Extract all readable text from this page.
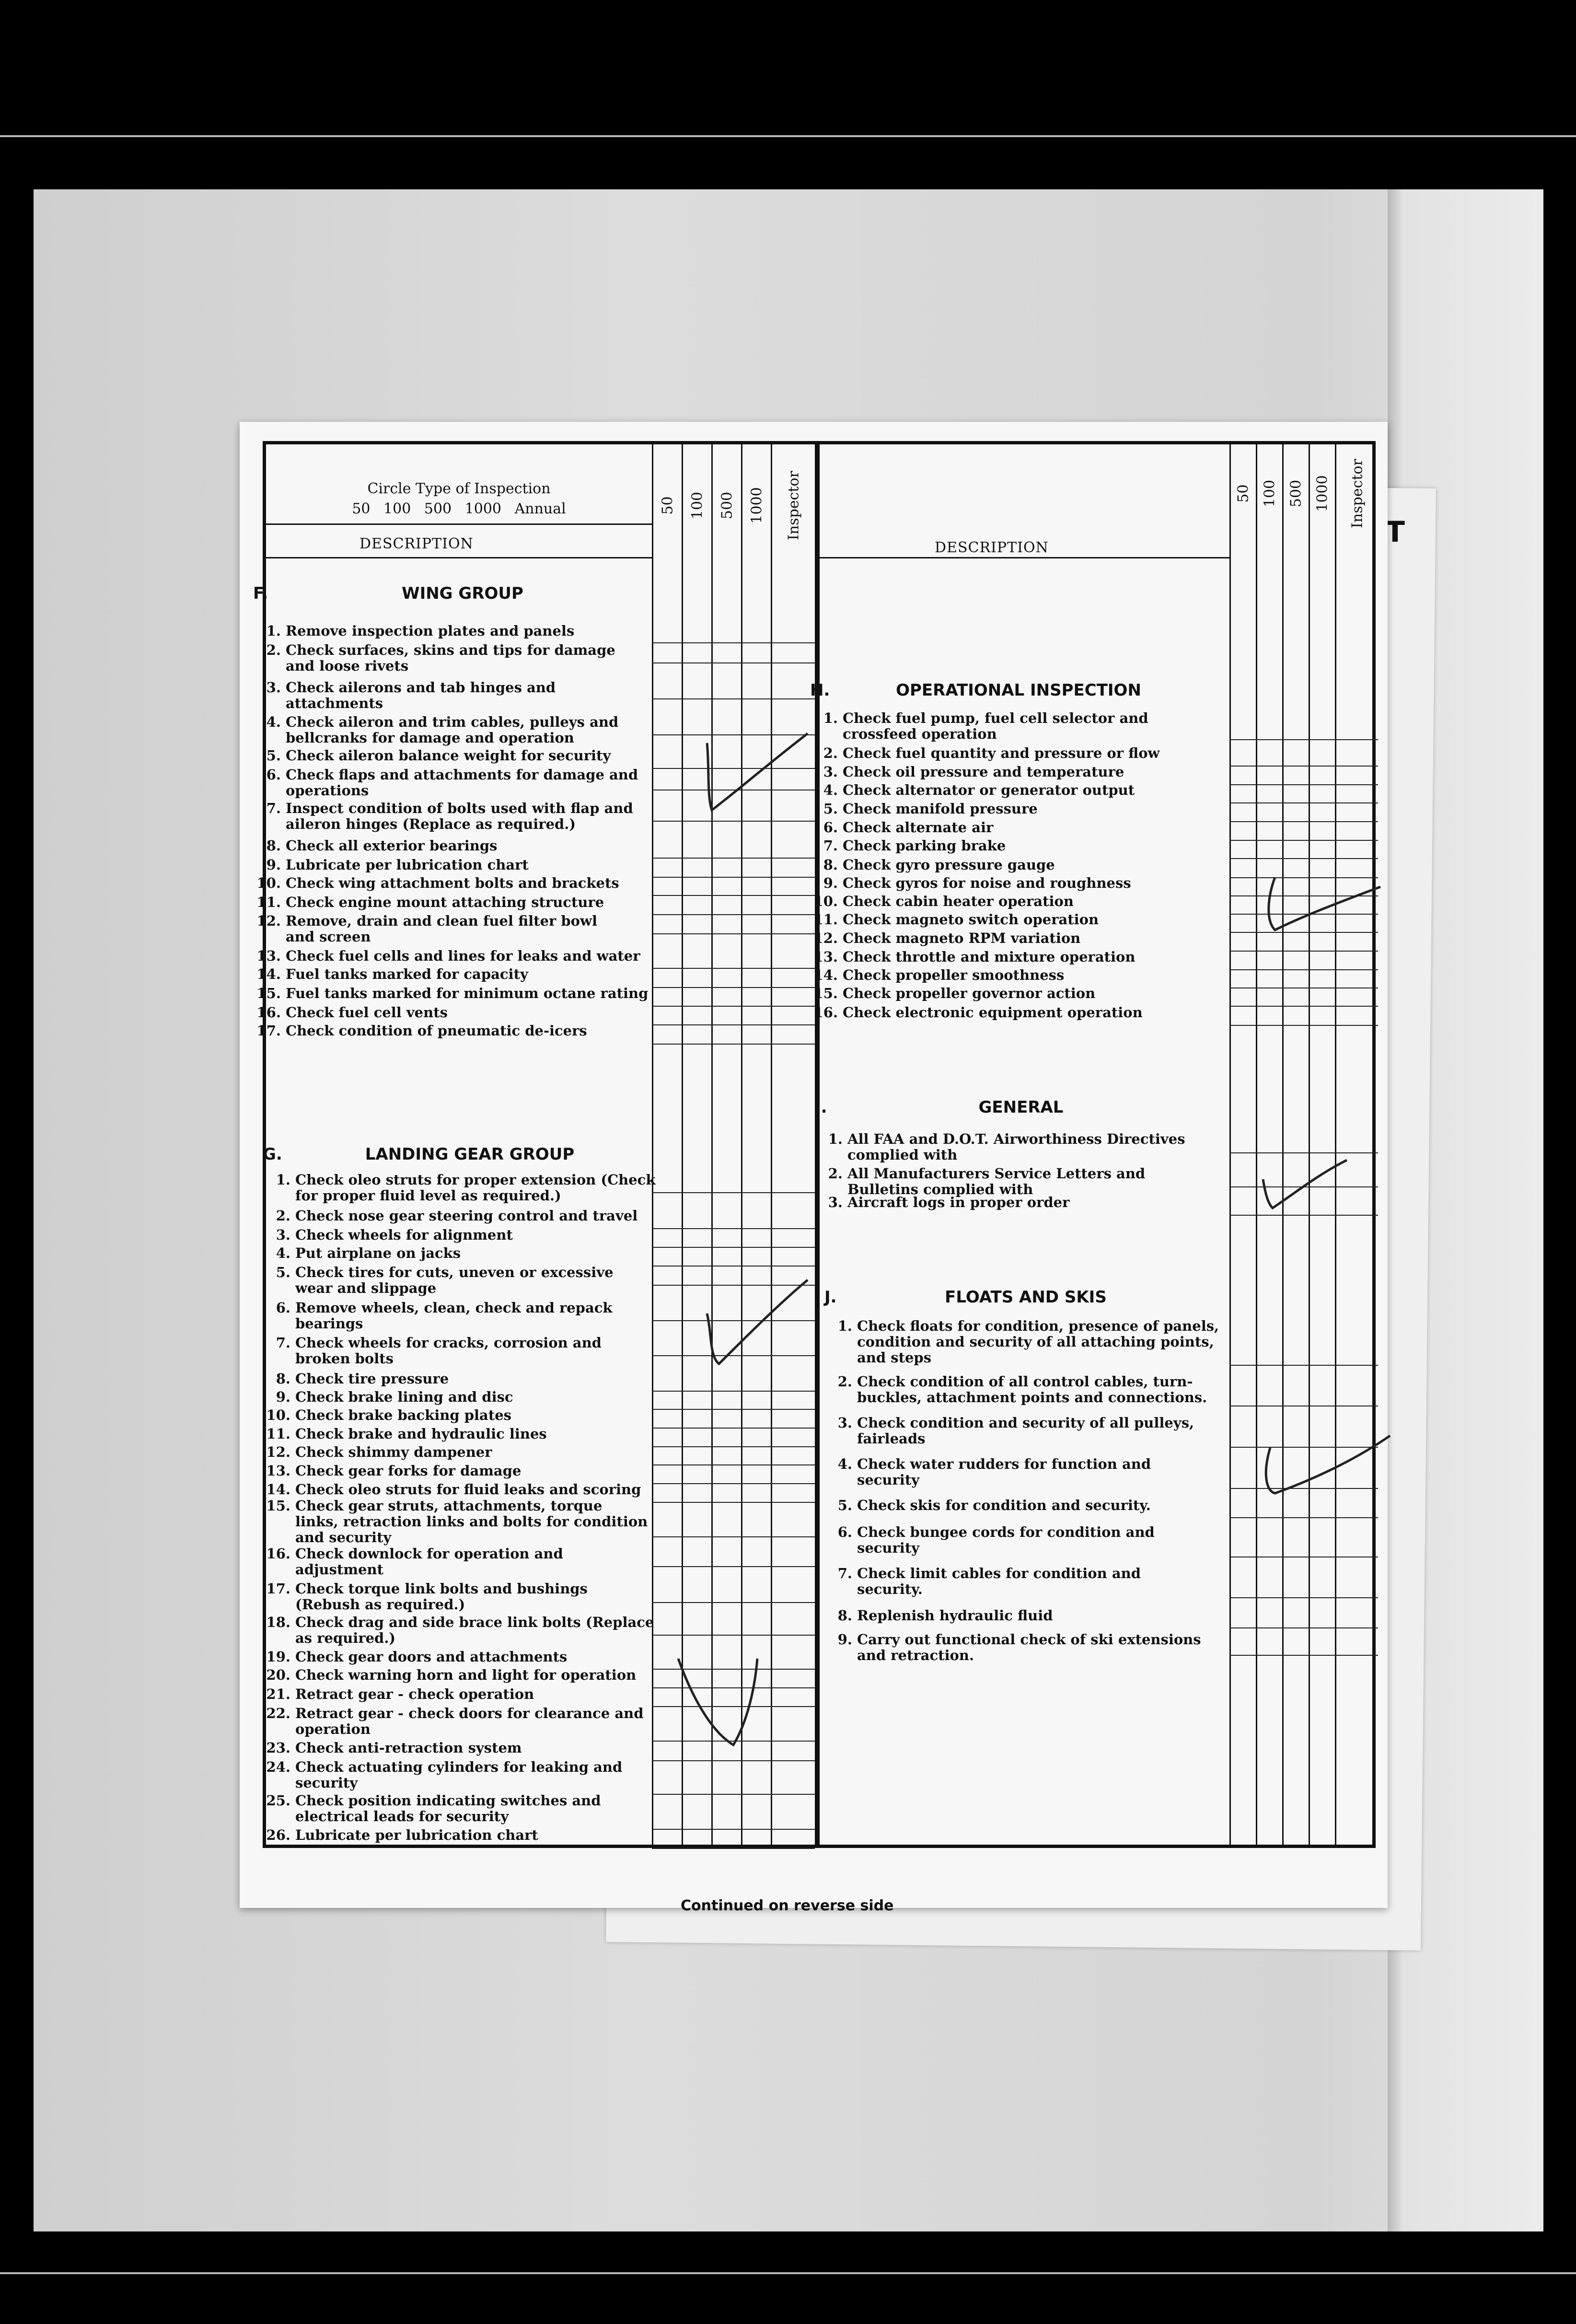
Circle Type of Inspection
50 100 500 1000 Annual
DESCRIPTION
50 100 500 1000 Inspector
DESCRIPTION
50 100 500 1000 Inspector
F.	WING GROUP
1. Remove inspection plates and panels
2. Check surfaces, skins and tips for damage
and loose rivets
3. Check ailerons and tab hinges and
attachments
4. Check aileron and trim cables, pulleys and
bellcranks for damage and operation
5. Check aileron balance weight for security
6. Check flaps and attachments for damage and
operations
7. Inspect condition of bolts used with flap and
aileron hinges (Replace as required.)
8. Check all exterior bearings
9. Lubricate per lubrication chart
10. Check wing attachment bolts and brackets
11. Check engine mount attaching structure
12. Remove, drain and clean fuel filter bowl
and screen
13. Check fuel cells and lines for leaks and water
14. Fuel tanks marked for capacity
15. Fuel tanks marked for minimum octane rating
16. Check fuel cell vents
17. Check condition of pneumatic de-icers
G.	LANDING GEAR GROUP
1. Check oleo struts for proper extension (Check
for proper fluid level as required.)
2. Check nose gear steering control and travel
3. Check wheels for alignment
4. Put airplane on jacks
5. Check tires for cuts, uneven or excessive
wear and slippage
6. Remove wheels, clean, check and repack
bearings
7. Check wheels for cracks, corrosion and
broken bolts
8. Check tire pressure
9. Check brake lining and disc
10. Check brake backing plates
11. Check brake and hydraulic lines
12. Check shimmy dampener
13. Check gear forks for damage
14. Check oleo struts for fluid leaks and scoring
15. Check gear struts, attachments, torque
links, retraction links and bolts for condition
and security
16. Check downlock for operation and
adjustment
17. Check torque link bolts and bushings
(Rebush as required.)
18. Check drag and side brace link bolts (Replace
as required.)
19. Check gear doors and attachments
20. Check warning horn and light for operation
21. Retract gear - check operation
22. Retract gear - check doors for clearance and
operation
23. Check anti-retraction system
24. Check actuating cylinders for leaking and
security
25. Check position indicating switches and
electrical leads for security
26. Lubricate per lubrication chart
H.	OPERATIONAL INSPECTION
1. Check fuel pump, fuel cell selector and
crossfeed operation
2. Check fuel quantity and pressure or flow
3. Check oil pressure and temperature
4. Check alternator or generator output
5. Check manifold pressure
6. Check alternate air
7. Check parking brake
8. Check gyro pressure gauge
9. Check gyros for noise and roughness
10. Check cabin heater operation
11. Check magneto switch operation
12. Check magneto RPM variation
13. Check throttle and mixture operation
14. Check propeller smoothness
15. Check propeller governor action
16. Check electronic equipment operation
I.	GENERAL
1. All FAA and D.O.T. Airworthiness Directives
complied with
2. All Manufacturers Service Letters and
Bulletins complied with
3. Aircraft logs in proper order
J.	FLOATS AND SKIS
1. Check floats for condition, presence of panels,
condition and security of all attaching points,
and steps
2. Check condition of all control cables, turn-
buckles, attachment points and connections.
3. Check condition and security of all pulleys,
fairleads
4. Check water rudders for function and
security
5. Check skis for condition and security.
6. Check bungee cords for condition and
security
7. Check limit cables for condition and
security.
8. Replenish hydraulic fluid
9. Carry out functional check of ski extensions
and retraction.
Continued on reverse side
